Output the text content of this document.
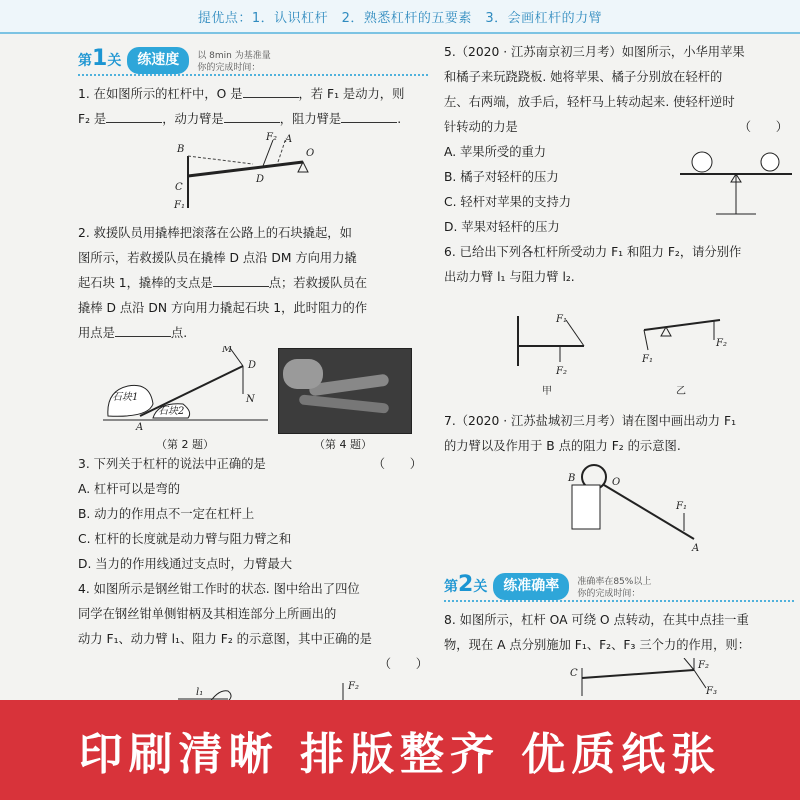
提优点：1．认识杠杆　2．熟悉杠杆的五要素　3．会画杠杆的力臂
第1关	练速度	以 8min 为基准量
你的完成时间：

1. 在如图所示的杠杆中，O 是	，若 F₁ 是动力，则

F₂ 是	，动力臂是	，阻力臂是	.

B
C
D
O
F₂ A
F₁

2. 救援队员用撬棒把滚落在公路上的石块撬起，如

图所示，若救援队员在撬棒 D 点沿 DM 方向用力撬

起石块 1，撬棒的支点是	点；若救援队员在

撬棒 D 点沿 DN 方向用力撬起石块 1，此时阻力的作

用点是	点.

石块1
石块2
A
M
D
N
（第 2 题）	（第 4 题）

3. 下列关于杠杆的说法中正确的是	（　　）

A. 杠杆可以是弯的

B. 动力的作用点不一定在杠杆上

C. 杠杆的长度就是动力臂与阻力臂之和

D. 当力的作用线通过支点时，力臂最大

4. 如图所示是钢丝钳工作时的状态. 图中给出了四位

同学在钢丝钳单侧钳柄及其相连部分上所画出的

动力 F₁、动力臂 l₁、阻力 F₂ 的示意图，其中正确的是

（　　）

l₁
F₂

5.（2020 · 江苏南京初三月考）如图所示，小华用苹果

和橘子来玩跷跷板. 她将苹果、橘子分别放在轻杆的

左、右两端，放手后，轻杆马上转动起来. 使轻杆逆时

针转动的力是	（　　）

A. 苹果所受的重力

B. 橘子对轻杆的压力

C. 轻杆对苹果的支持力

D. 苹果对轻杆的压力

6. 已给出下列各杠杆所受动力 F₁ 和阻力 F₂，请分别作

出动力臂 l₁ 与阻力臂 l₂.

F₁
F₂
甲
F₁
F₂
乙

7.（2020 · 江苏盐城初三月考）请在图中画出动力 F₁

的力臂以及作用于 B 点的阻力 F₂ 的示意图.

B	O
F₁
A
第2关	练准确率	准确率在85%以上
你的完成时间：

8. 如图所示，杠杆 OA 可绕 O 点转动，在其中点挂一重

物，现在 A 点分别施加 F₁、F₂、F₃ 三个力的作用，则：

C
F₂
F₃
印刷清晰 排版整齐 优质纸张
